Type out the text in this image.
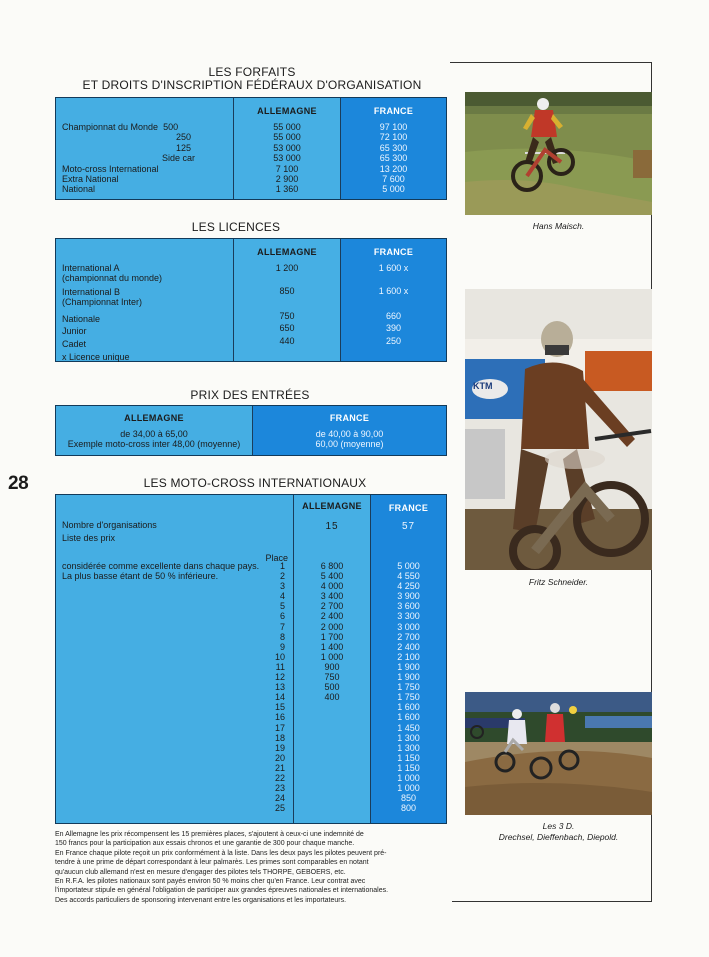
28
LES FORFAITS
ET DROITS D'INSCRIPTION FÉDÉRAUX D'ORGANISATION
Championnat du Monde  500
250
125
Side car
Moto-cross International
Extra National
National
ALLEMAGNE
55 000
55 000
53 000
53 000
7 100
2 900
1 360
FRANCE
97 100
72 100
65 300
65 300
13 200
7 600
5 000
LES LICENCES
International A
(championnat du monde)
International B
(Championnat Inter)
Nationale
Junior
Cadet
x Licence unique
ALLEMAGNE
1 200
850
750
650
440
FRANCE
1 600 x
1 600 x
660
390
250
PRIX DES ENTRÉES
ALLEMAGNE
de 34,00 à 65,00
Exemple moto-cross inter 48,00 (moyenne)
FRANCE
de 40,00 à 90,00
60,00 (moyenne)
LES MOTO-CROSS INTERNATIONAUX
Nombre d'organisations
Liste des prix
Place
considérée comme excellente dans chaque pays.
La plus basse étant de 50 % inférieure.
1
2
3
4
5
6
7
8
9
10
11
12
13
14
15
16
17
18
19
20
21
22
23
24
25
ALLEMAGNE
15
6 800
5 400
4 000
3 400
2 700
2 400
2 000
1 700
1 400
1 000
900
750
500
400
FRANCE
57
5 000
4 550
4 250
3 900
3 600
3 300
3 000
2 700
2 400
2 100
1 900
1 900
1 750
1 750
1 600
1 600
1 450
1 300
1 300
1 150
1 150
1 000
1 000
850
800
En Allemagne les prix récompensent les 15 premières places, s'ajoutent à ceux-ci une indemnité de
150 francs pour la participation aux essais chronos et une garantie de 300 pour chaque manche.
En France chaque pilote reçoit un prix conformément à la liste. Dans les deux pays les pilotes peuvent pré-
tendre à une prime de départ correspondant à leur palmarès. Les primes sont comparables en notant
qu'aucun club allemand n'est en mesure d'engager des pilotes tels THORPE, GEBOERS, etc.
En R.F.A. les pilotes nationaux sont payés environ 50 % moins cher qu'en France. Leur contrat avec
l'importateur stipule en général l'obligation de participer aux grandes épreuves nationales et internationales.
Des accords particuliers de sponsoring intervenant entre les organisations et les importateurs.
Hans Maisch.
KTM
Fritz Schneider.
Les 3 D.
Drechsel, Dieffenbach, Diepold.
